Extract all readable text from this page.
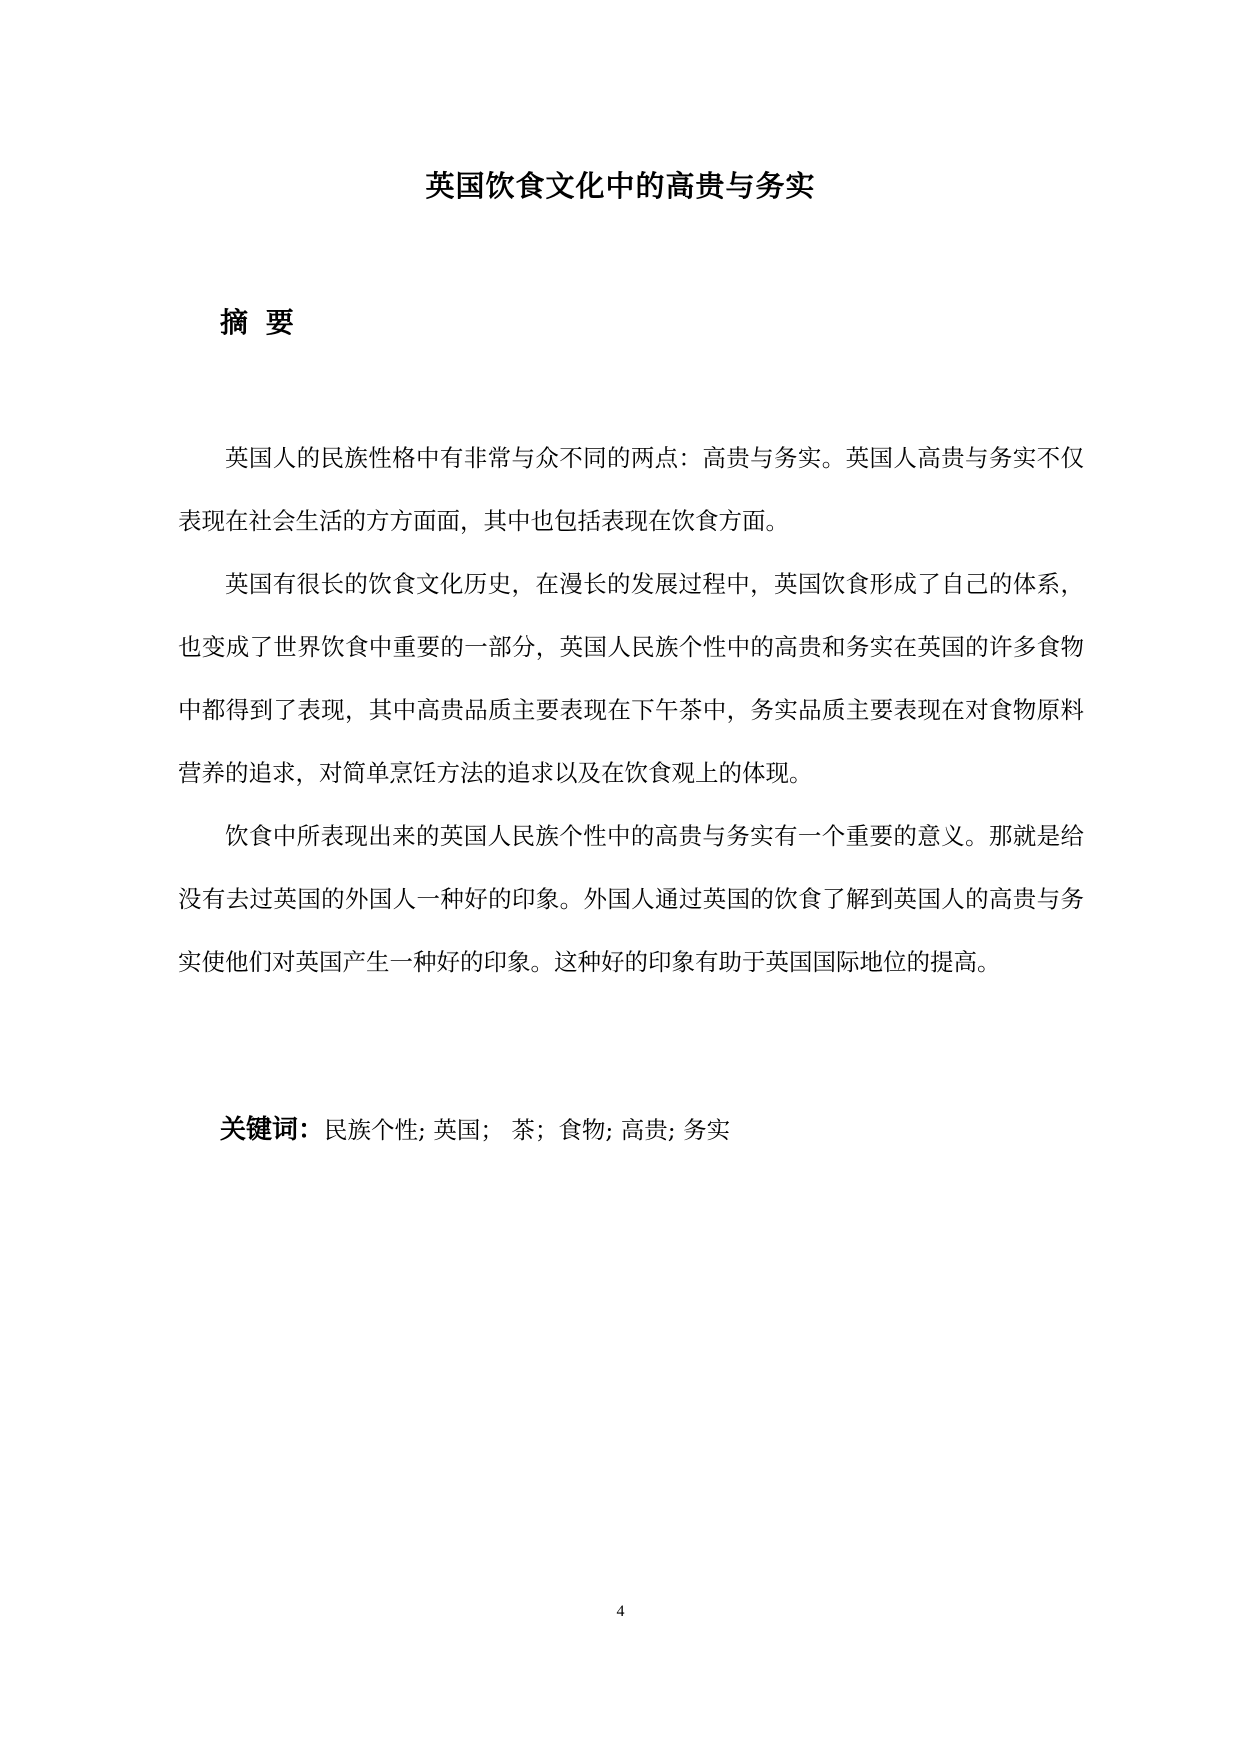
英国饮食文化中的高贵与务实
摘 要

英国人的民族性格中有非常与众不同的两点：高贵与务实。英国人高贵与务实不仅表现在社会生活的方方面面，其中也包括表现在饮食方面。

英国有很长的饮食文化历史，在漫长的发展过程中，英国饮食形成了自己的体系，也变成了世界饮食中重要的一部分，英国人民族个性中的高贵和务实在英国的许多食物中都得到了表现，其中高贵品质主要表现在下午茶中，务实品质主要表现在对食物原料营养的追求，对简单烹饪方法的追求以及在饮食观上的体现。

饮食中所表现出来的英国人民族个性中的高贵与务实有一个重要的意义。那就是给没有去过英国的外国人一种好的印象。外国人通过英国的饮食了解到英国人的高贵与务实使他们对英国产生一种好的印象。这种好的印象有助于英国国际地位的提高。

关键词：民族个性; 英国； 茶；食物; 高贵; 务实
4
